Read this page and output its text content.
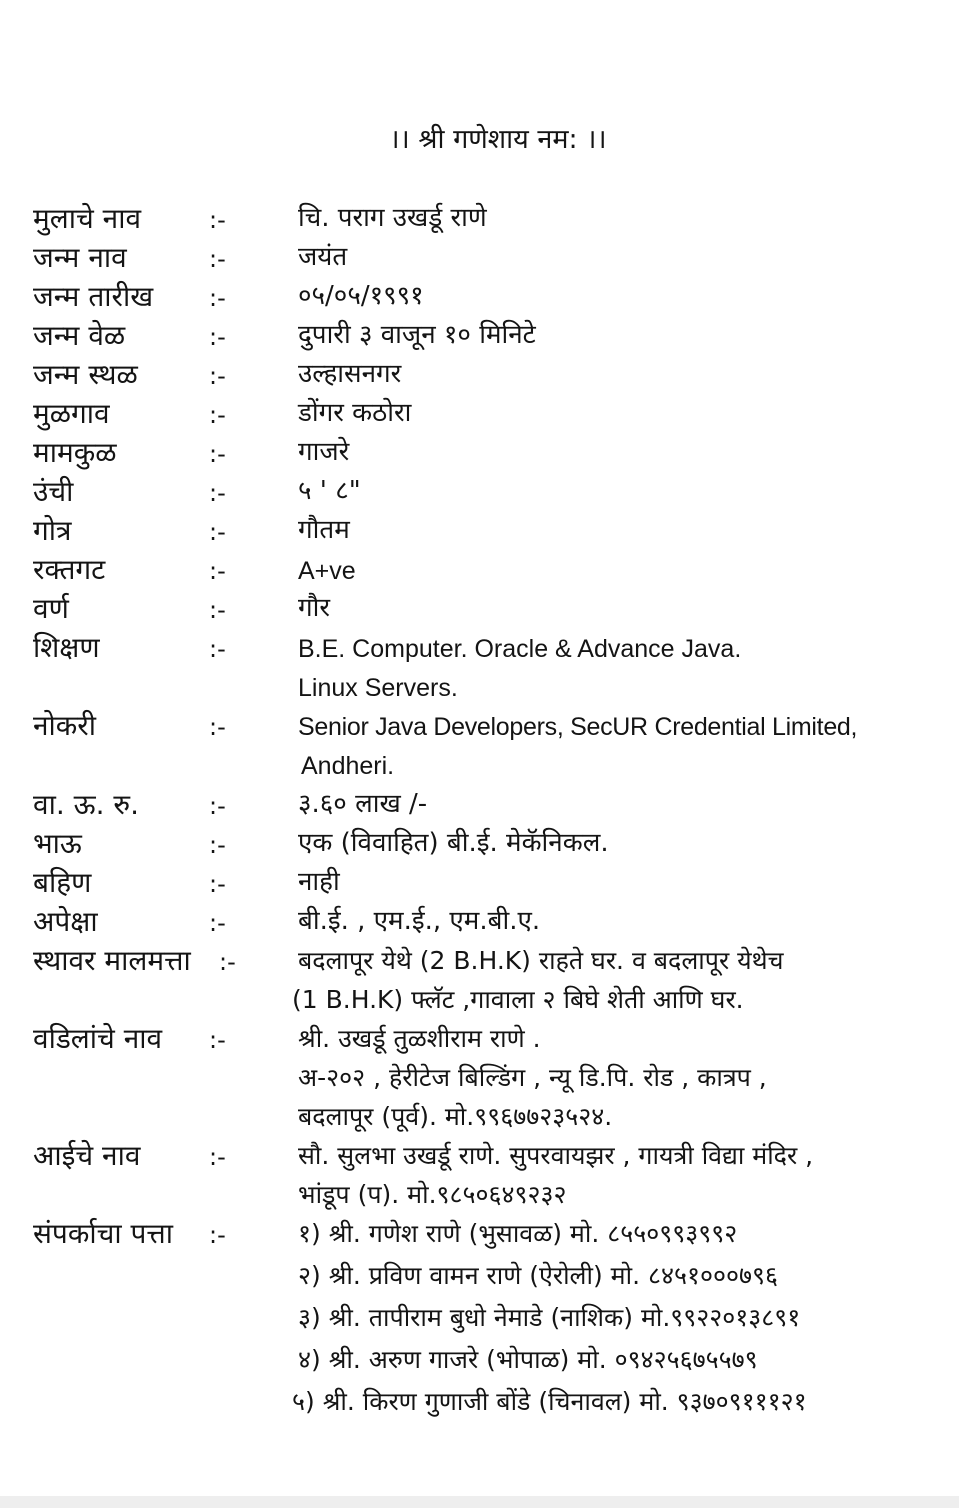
।। श्री गणेशाय नम: ।।
मुलाचे नाव	:-	चि. पराग उखर्डू राणे
जन्म नाव	:-	जयंत
जन्म तारीख :-	०५/०५/१९९१
जन्म वेळ	:-	दुपारी ३ वाजून १० मिनिटे
जन्म स्थळ	:-	उल्हासनगर
मुळगाव	:-	डोंगर कठोरा
मामकुळ	:-	गाजरे
उंची	:-	५ ' ८"
गोत्र	:-	गौतम
रक्तगट	:-	A+ve
वर्ण	:-	गौर
शिक्षण	:-	B.E. Computer. Oracle & Advance Java.
Linux Servers.
नोकरी	:-	Senior Java Developers, SecUR Credential Limited,
Andheri.
वा. ऊ. रु.	:-	३.६० लाख /-
भाऊ	:-	एक (विवाहित) बी.ई. मेकॅनिकल.
बहिण	:-	नाही
अपेक्षा	:-	बी.ई. , एम.ई., एम.बी.ए.
स्थावर मालमत्ता :- बदलापूर येथे (2 B.H.K) राहते घर. व बदलापूर येथेच
(1 B.H.K) फ्लॅट ,गावाला २ बिघे शेती आणि घर.
वडिलांचे नाव :-	श्री. उखर्डू तुळशीराम राणे .
अ-२०२ , हेरीटेज बिल्डिंग , न्यू डि.पि. रोड , कात्रप ,
बदलापूर (पूर्व). मो.९९६७७२३५२४.
आईचे नाव	:-	सौ. सुलभा उखर्डू राणे. सुपरवायझर , गायत्री विद्या मंदिर ,
भांडूप (प). मो.९८५०६४९२३२
संपर्काचा पत्ता :-	१) श्री. गणेश राणे (भुसावळ) मो. ८५५०९९३९९२
२) श्री. प्रविण वामन राणे (ऐरोली) मो. ८४५१०००७९६
३) श्री. तापीराम बुधो नेमाडे (नाशिक) मो.९९२२०१३८९१
४) श्री. अरुण गाजरे (भोपाळ) मो. ०९४२५६७५५७९
५) श्री. किरण गुणाजी बोंडे (चिनावल) मो. ९३७०९१११२१
